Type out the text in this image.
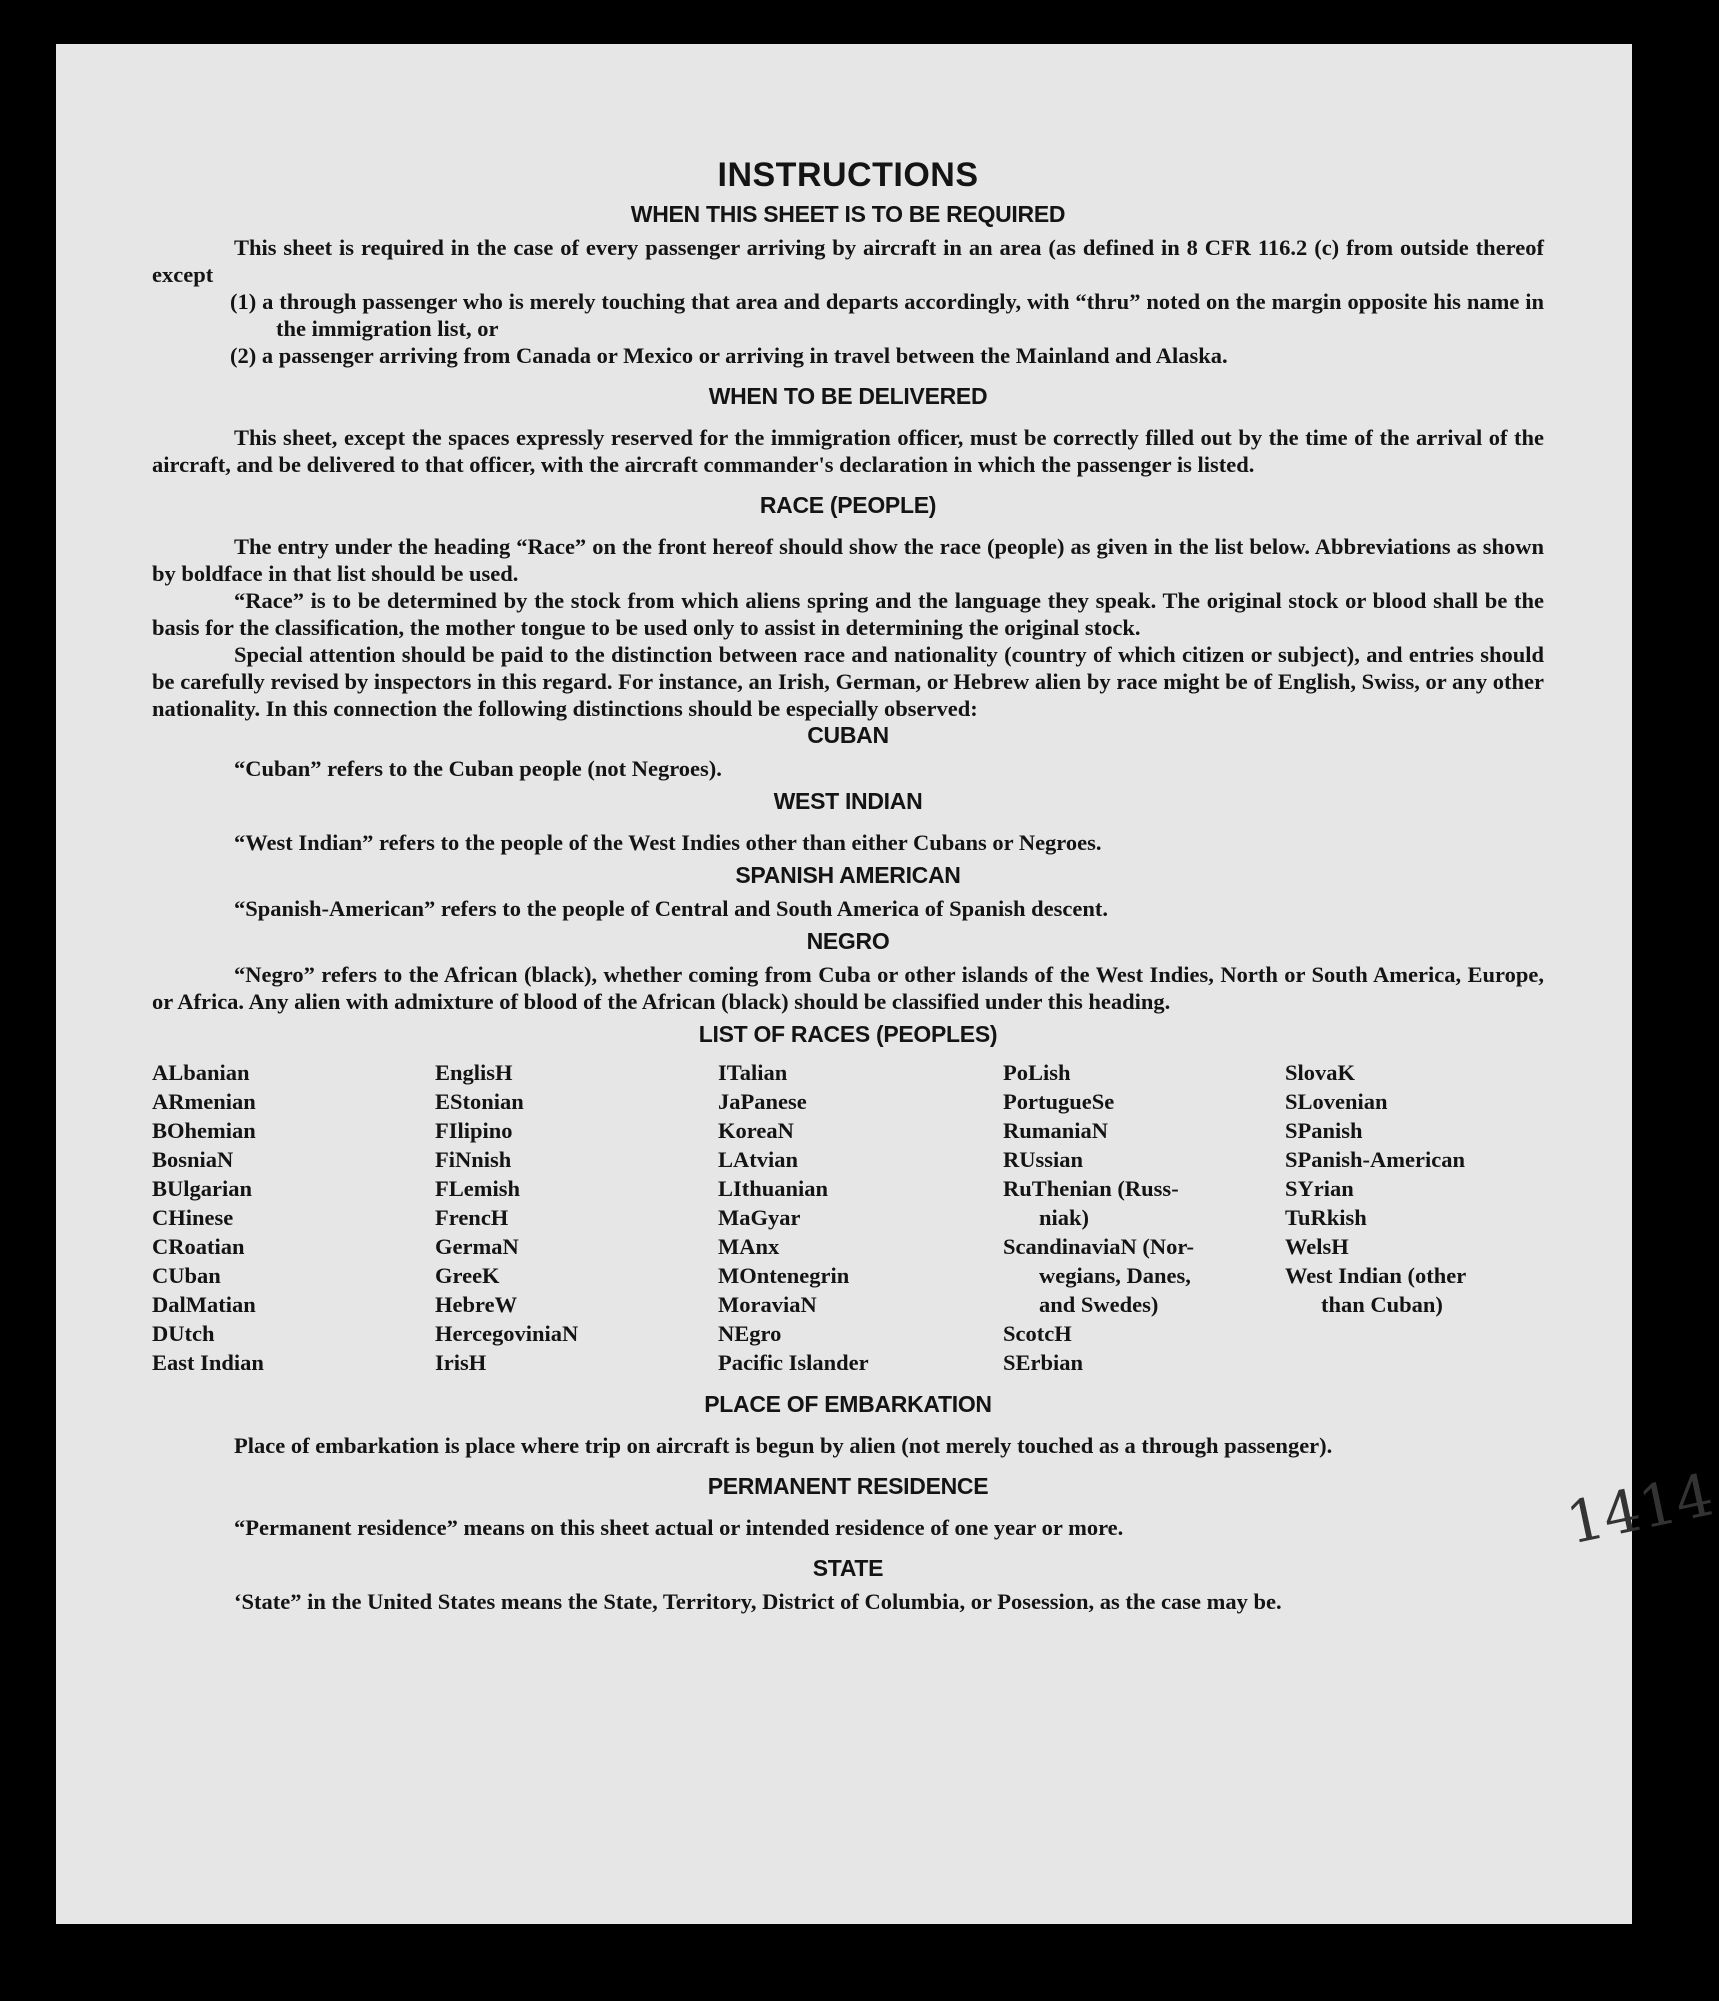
INSTRUCTIONS
WHEN THIS SHEET IS TO BE REQUIRED
This sheet is required in the case of every passenger arriving by aircraft in an area (as defined in 8 CFR 116.2 (c) from outside thereof except
(1) a through passenger who is merely touching that area and departs accordingly, with “thru” noted on the margin opposite his name in the immigration list, or
(2) a passenger arriving from Canada or Mexico or arriving in travel between the Mainland and Alaska.
WHEN TO BE DELIVERED
This sheet, except the spaces expressly reserved for the immigration officer, must be correctly filled out by the time of the arrival of the aircraft, and be delivered to that officer, with the aircraft commander's declaration in which the passenger is listed.
RACE (PEOPLE)
The entry under the heading “Race” on the front hereof should show the race (people) as given in the list below. Abbreviations as shown by boldface in that list should be used.
“Race” is to be determined by the stock from which aliens spring and the language they speak. The original stock or blood shall be the basis for the classification, the mother tongue to be used only to assist in determining the original stock.
Special attention should be paid to the distinction between race and nationality (country of which citizen or subject), and entries should be carefully revised by inspectors in this regard. For instance, an Irish, German, or Hebrew alien by race might be of English, Swiss, or any other nationality. In this connection the following distinctions should be especially observed:
CUBAN
“Cuban” refers to the Cuban people (not Negroes).
WEST INDIAN
“West Indian” refers to the people of the West Indies other than either Cubans or Negroes.
SPANISH AMERICAN
“Spanish-American” refers to the people of Central and South America of Spanish descent.
NEGRO
“Negro” refers to the African (black), whether coming from Cuba or other islands of the West Indies, North or South America, Europe, or Africa. Any alien with admixture of blood of the African (black) should be classified under this heading.
LIST OF RACES (PEOPLES)
ALbanian
ARmenian
BOhemian
BosniaN
BUlgarian
CHinese
CRoatian
CUban
DalMatian
DUtch
East Indian
EnglisH
EStonian
FIlipino
FiNnish
FLemish
FrencH
GermaN
GreeK
HebreW
HercegoviniaN
IrisH
ITalian
JaPanese
KoreaN
LAtvian
LIthuanian
MaGyar
MAnx
MOntenegrin
MoraviaN
NEgro
Pacific Islander
PoLish
PortugueSe
RumaniaN
RUssian
RuThenian (Russ-
niak)
ScandinaviaN (Nor-
wegians, Danes,
and Swedes)
ScotcH
SErbian
SlovaK
SLovenian
SPanish
SPanish-American
SYrian
TuRkish
WelsH
West Indian (other
than Cuban)
PLACE OF EMBARKATION
Place of embarkation is place where trip on aircraft is begun by alien (not merely touched as a through passenger).
PERMANENT RESIDENCE
“Permanent residence” means on this sheet actual or intended residence of one year or more.
STATE
‘State” in the United States means the State, Territory, District of Columbia, or Posession, as the case may be.
1414
